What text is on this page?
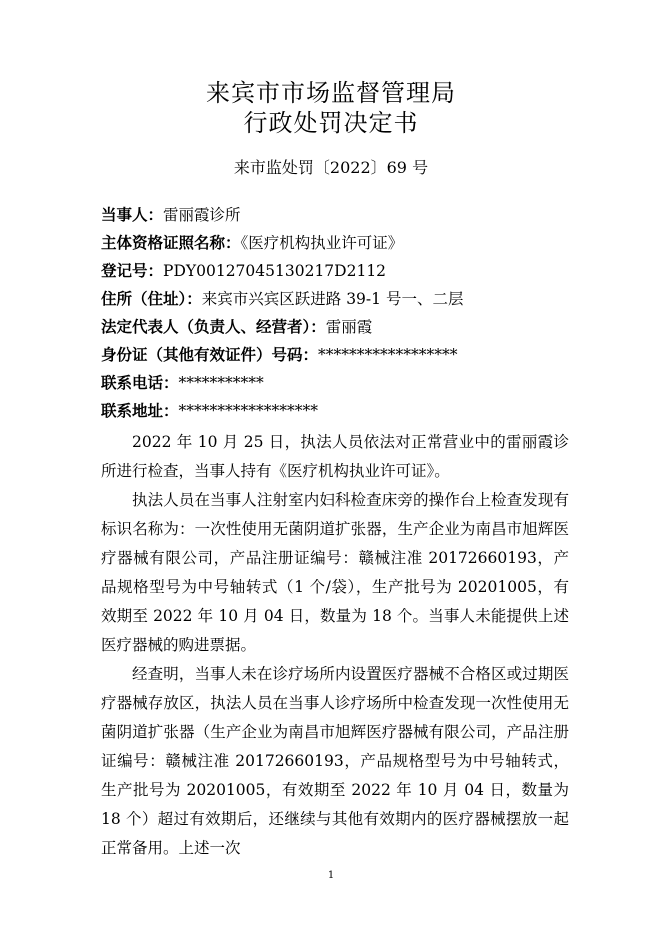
来宾市市场监督管理局
行政处罚决定书
来市监处罚〔2022〕69 号
当事人：雷丽霞诊所
主体资格证照名称：《医疗机构执业许可证》
登记号：PDY00127045130217D2112
住所（住址）：来宾市兴宾区跃进路 39-1 号一、二层
法定代表人（负责人、经营者）：雷丽霞
身份证（其他有效证件）号码：******************
联系电话：***********
联系地址：******************

2022 年 10 月 25 日，执法人员依法对正常营业中的雷丽霞诊所进行检查，当事人持有《医疗机构执业许可证》。

执法人员在当事人注射室内妇科检查床旁的操作台上检查发现有标识名称为：一次性使用无菌阴道扩张器，生产企业为南昌市旭辉医疗器械有限公司，产品注册证编号：赣械注准 20172660193，产品规格型号为中号轴转式（1 个/袋），生产批号为 20201005，有效期至 2022 年 10 月 04 日，数量为 18 个。当事人未能提供上述医疗器械的购进票据。

经查明，当事人未在诊疗场所内设置医疗器械不合格区或过期医疗器械存放区，执法人员在当事人诊疗场所中检查发现一次性使用无菌阴道扩张器（生产企业为南昌市旭辉医疗器械有限公司，产品注册证编号：赣械注准 20172660193，产品规格型号为中号轴转式，生产批号为 20201005，有效期至 2022 年 10 月 04 日，数量为 18 个）超过有效期后，还继续与其他有效期内的医疗器械摆放一起正常备用。上述一次

1
